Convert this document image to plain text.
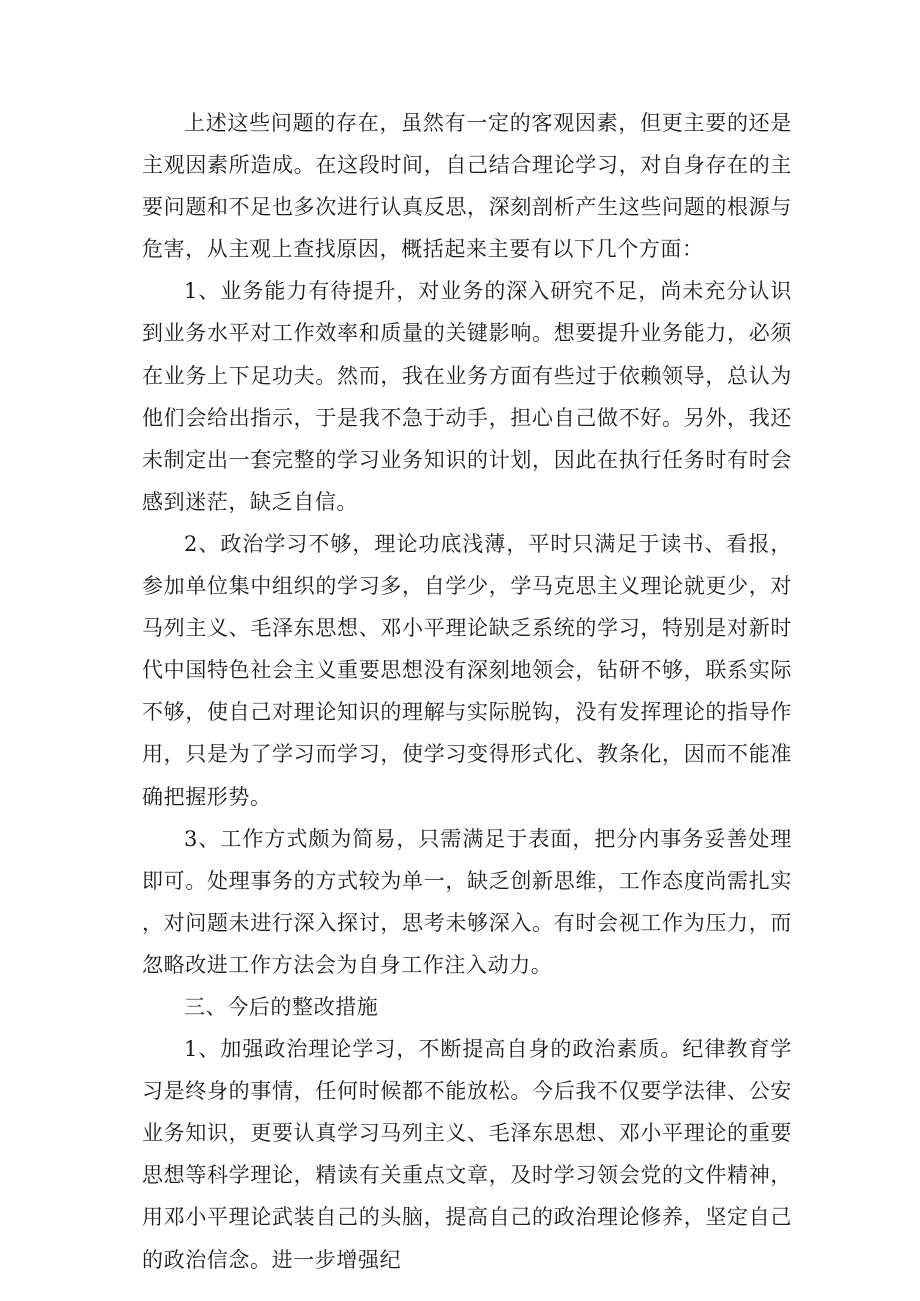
上述这些问题的存在，虽然有一定的客观因素，但更主要的还是主观因素所造成。在这段时间，自己结合理论学习，对自身存在的主要问题和不足也多次进行认真反思，深刻剖析产生这些问题的根源与危害，从主观上查找原因，概括起来主要有以下几个方面：

1、业务能力有待提升，对业务的深入研究不足，尚未充分认识到业务水平对工作效率和质量的关键影响。想要提升业务能力，必须在业务上下足功夫。然而，我在业务方面有些过于依赖领导，总认为他们会给出指示，于是我不急于动手，担心自己做不好。另外，我还未制定出一套完整的学习业务知识的计划，因此在执行任务时有时会感到迷茫，缺乏自信。

2、政治学习不够，理论功底浅薄，平时只满足于读书、看报，参加单位集中组织的学习多，自学少，学马克思主义理论就更少，对马列主义、毛泽东思想、邓小平理论缺乏系统的学习，特别是对新时代中国特色社会主义重要思想没有深刻地领会，钻研不够，联系实际不够，使自己对理论知识的理解与实际脱钩，没有发挥理论的指导作用，只是为了学习而学习，使学习变得形式化、教条化，因而不能准确把握形势。

3、工作方式颇为简易，只需满足于表面，把分内事务妥善处理即可。处理事务的方式较为单一，缺乏创新思维，工作态度尚需扎实，对问题未进行深入探讨，思考未够深入。有时会视工作为压力，而忽略改进工作方法会为自身工作注入动力。

三、今后的整改措施

1、加强政治理论学习，不断提高自身的政治素质。纪律教育学习是终身的事情，任何时候都不能放松。今后我不仅要学法律、公安业务知识，更要认真学习马列主义、毛泽东思想、邓小平理论的重要思想等科学理论，精读有关重点文章，及时学习领会党的文件精神，用邓小平理论武装自己的头脑，提高自己的政治理论修养，坚定自己的政治信念。进一步增强纪
